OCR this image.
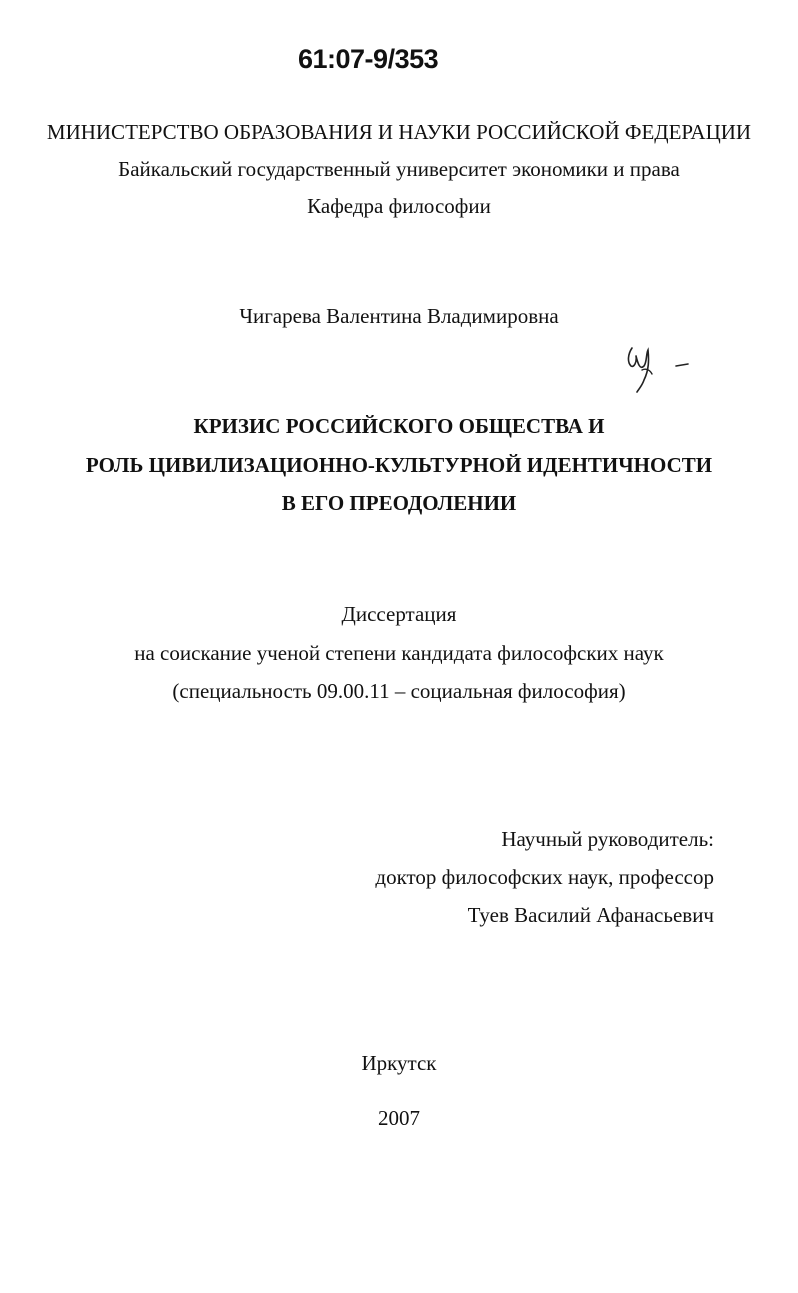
61:07-9/353
МИНИСТЕРСТВО ОБРАЗОВАНИЯ И НАУКИ РОССИЙСКОЙ ФЕДЕРАЦИИ
Байкальский государственный университет экономики и права
Кафедра философии
Чигарева Валентина Владимировна
КРИЗИС РОССИЙСКОГО ОБЩЕСТВА И
РОЛЬ ЦИВИЛИЗАЦИОННО-КУЛЬТУРНОЙ ИДЕНТИЧНОСТИ
В ЕГО ПРЕОДОЛЕНИИ
Диссертация
на соискание ученой степени кандидата философских наук
(специальность 09.00.11 – социальная философия)
Научный руководитель:
доктор философских наук, профессор
Туев Василий Афанасьевич
Иркутск
2007
